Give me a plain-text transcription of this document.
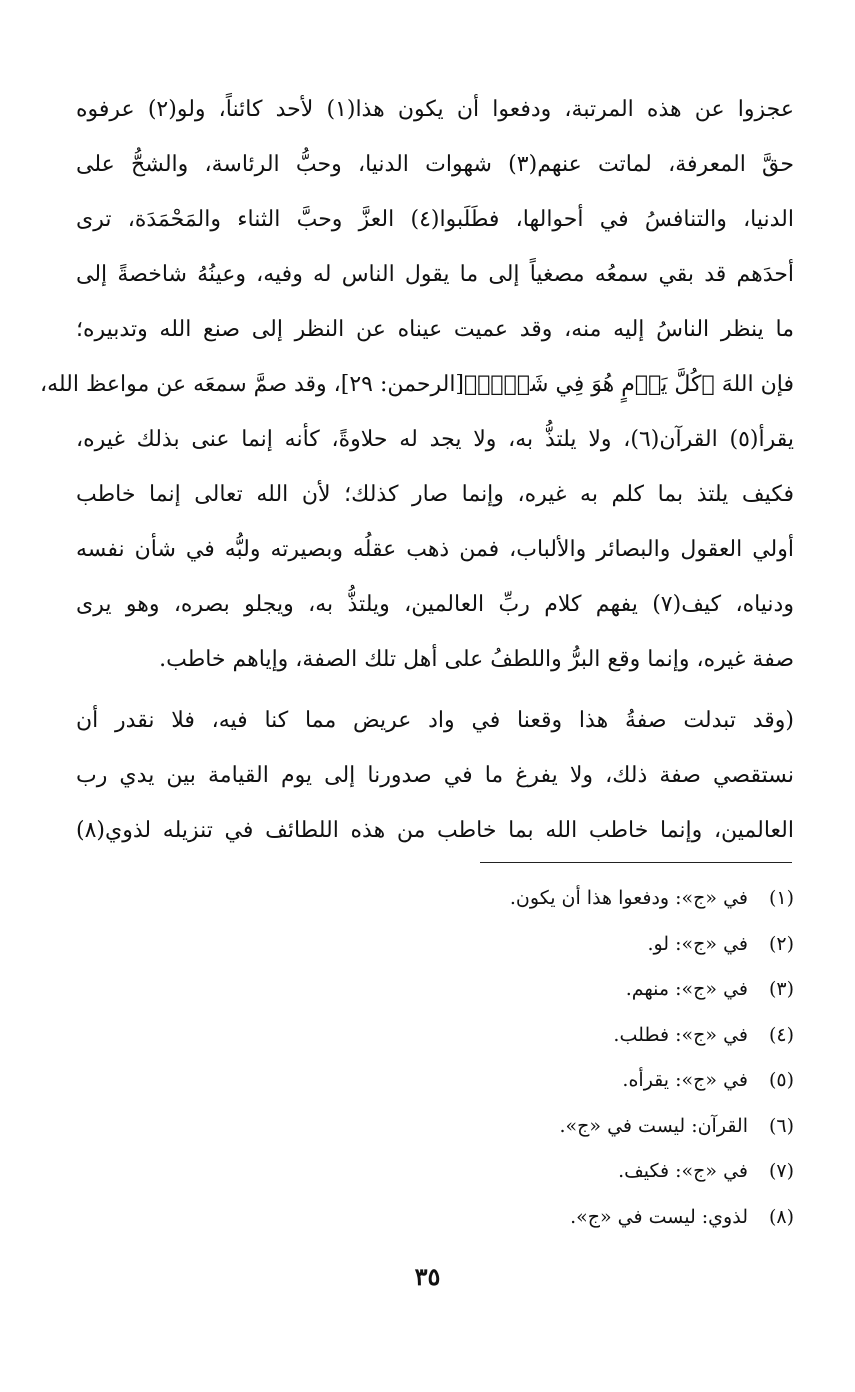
عجزوا عن هذه المرتبة، ودفعوا أن يكون هذا(١) لأحد كائناً، ولو(٢) عرفوه
حقَّ المعرفة، لماتت عنهم(٣) شهوات الدنيا، وحبُّ الرئاسة، والشحُّ على
الدنيا، والتنافسُ في أحوالها، فطَلَبوا(٤) العزَّ وحبَّ الثناء والمَحْمَدَة، ترى
أحدَهم قد بقي سمعُه مصغياً إلى ما يقول الناس له وفيه، وعينُهُ شاخصةً إلى
ما ينظر الناسُ إليه منه، وقد عميت عيناه عن النظر إلى صنع الله وتدبيره؛
فإن اللهَ ﴿كُلَّ يَوۡمٍ هُوَ فِي شَأۡنٖ﴾[الرحمن: ٢٩]، وقد صمَّ سمعَه عن مواعظ الله،
يقرأ(٥) القرآن(٦)، ولا يلتذُّ به، ولا يجد له حلاوةً، كأنه إنما عنى بذلك غيره،
فكيف يلتذ بما كلم به غيره، وإنما صار كذلك؛ لأن الله تعالى إنما خاطب
أولي العقول والبصائر والألباب، فمن ذهب عقلُه وبصيرته ولبُّه في شأن نفسه
ودنياه، كيف(٧) يفهم كلام ربِّ العالمين، ويلتذُّ به، ويجلو بصره، وهو يرى
صفة غيره، وإنما وقع البرُّ واللطفُ على أهل تلك الصفة، وإياهم خاطب.
(وقد تبدلت صفةُ هذا وقعنا في واد عريض مما كنا فيه، فلا نقدر أن
نستقصي صفة ذلك، ولا يفرغ ما في صدورنا إلى يوم القيامة بين يدي رب
العالمين، وإنما خاطب الله بما خاطب من هذه اللطائف في تنزيله لذوي(٨)
(١)في «ج»: ودفعوا هذا أن يكون.
(٢)في «ج»: لو.
(٣)في «ج»: منهم.
(٤)في «ج»: فطلب.
(٥)في «ج»: يقرأه.
(٦)القرآن: ليست في «ج».
(٧)في «ج»: فكيف.
(٨)لذوي: ليست في «ج».
٣٥
